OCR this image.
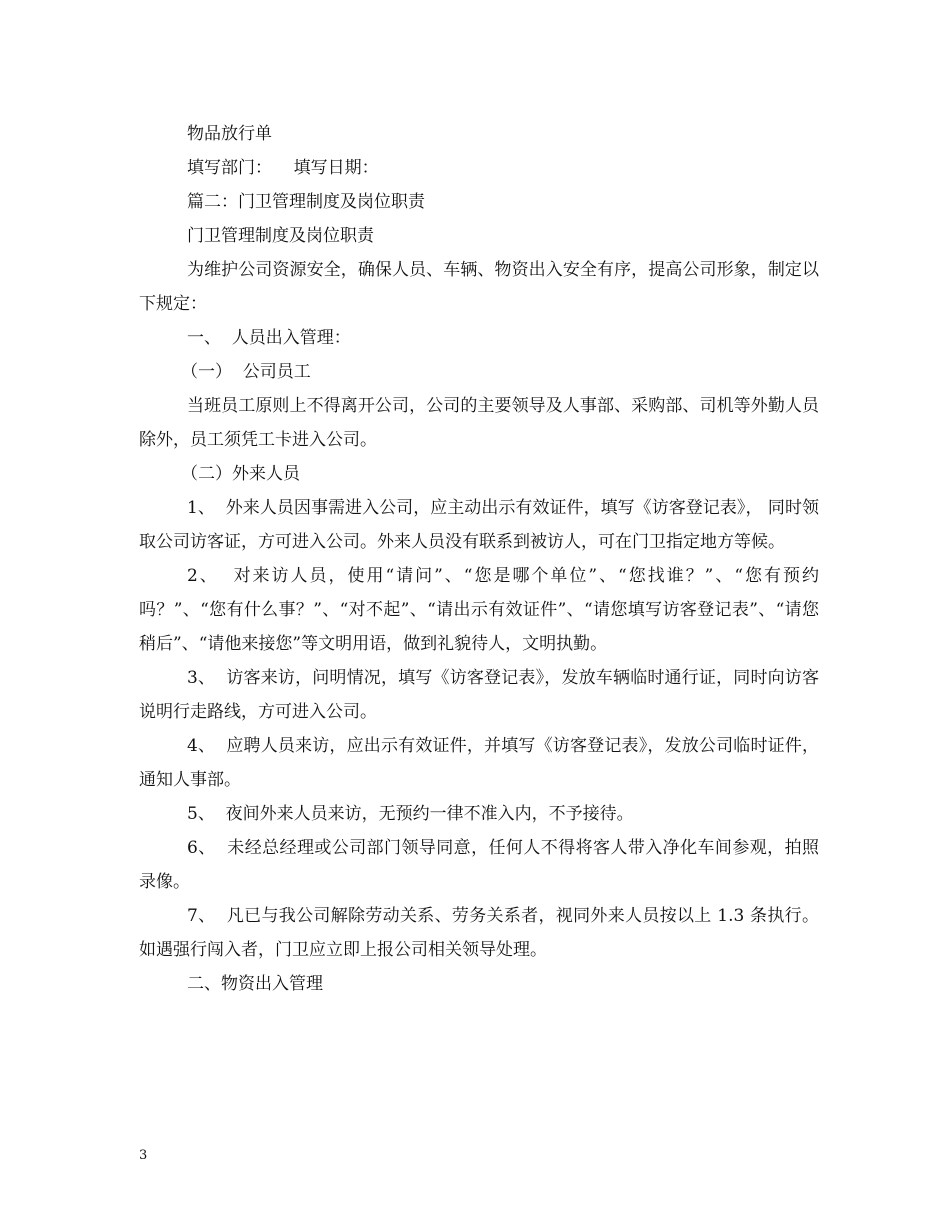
物品放行单

填写部门：    填写日期：

篇二：门卫管理制度及岗位职责

门卫管理制度及岗位职责

为维护公司资源安全，确保人员、车辆、物资出入安全有序，提高公司形象，制定以下规定：

一、  人员出入管理：

（一）  公司员工

当班员工原则上不得离开公司，公司的主要领导及人事部、采购部、司机等外勤人员除外，员工须凭工卡进入公司。

（二）外来人员

1、  外来人员因事需进入公司，应主动出示有效证件，填写《访客登记表》， 同时领取公司访客证，方可进入公司。外来人员没有联系到被访人，可在门卫指定地方等候。

2、  对来访人员，使用“请问”、“您是哪个单位”、“您找谁？”、“您有预约吗？”、“您有什么事？”、“对不起”、“请出示有效证件”、“请您填写访客登记表”、“请您稍后”、“请他来接您”等文明用语，做到礼貌待人，文明执勤。

3、  访客来访，问明情况，填写《访客登记表》，发放车辆临时通行证，同时向访客说明行走路线，方可进入公司。

4、  应聘人员来访，应出示有效证件，并填写《访客登记表》，发放公司临时证件，通知人事部。

5、  夜间外来人员来访，无预约一律不准入内，不予接待。

6、  未经总经理或公司部门领导同意，任何人不得将客人带入净化车间参观，拍照录像。

7、  凡已与我公司解除劳动关系、劳务关系者，视同外来人员按以上 1.3 条执行。如遇强行闯入者，门卫应立即上报公司相关领导处理。

二、物资出入管理

3
